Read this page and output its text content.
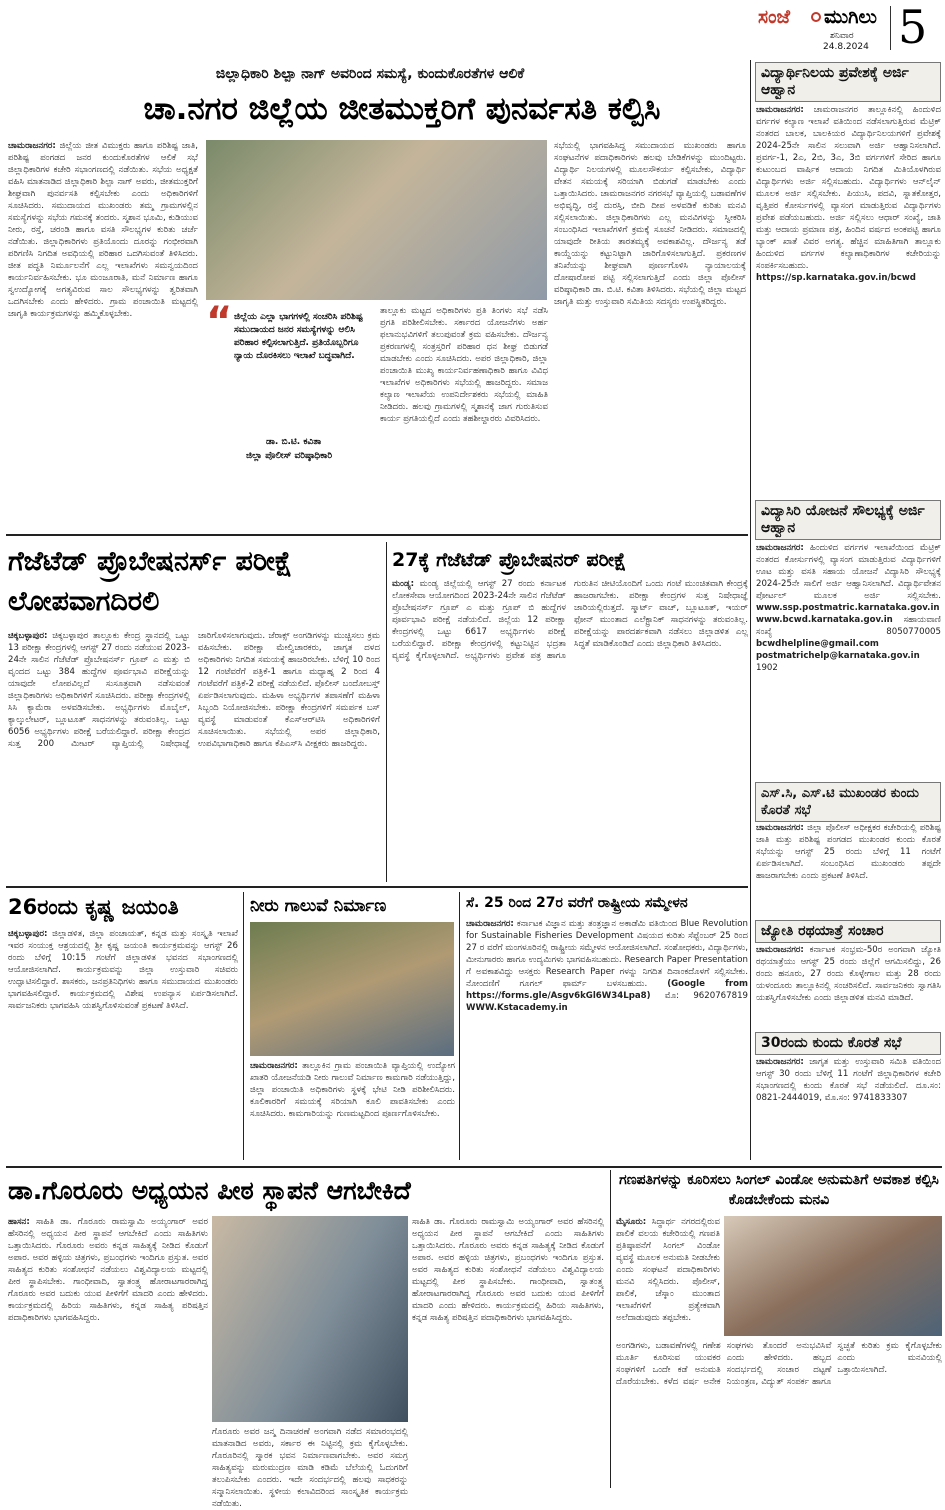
ಸಂಜೆ ಮುಗಿಲು
ಶನಿವಾರ
24.8.2024 5
ಜಿಲ್ಲಾಧಿಕಾರಿ ಶಿಲ್ಪಾ ನಾಗ್ ಅವರಿಂದ ಸಮಸ್ಯೆ, ಕುಂದುಕೊರತೆಗಳ ಆಲಿಕೆ
ಚಾ.ನಗರ ಜಿಲ್ಲೆಯ ಜೀತಮುಕ್ತರಿಗೆ ಪುನರ್ವಸತಿ ಕಲ್ಪಿಸಿ
ಚಾಮರಾಜನಗರ: ಜಿಲ್ಲೆಯ ಜೀತ ವಿಮುಕ್ತರು ಹಾಗೂ ಪರಿಶಿಷ್ಟ ಜಾತಿ, ಪರಿಶಿಷ್ಟ ಪಂಗಡದ ಜನರ ಕುಂದುಕೊರತೆಗಳ ಆಲಿಕೆ ಸಭೆ ಜಿಲ್ಲಾಧಿಕಾರಿಗಳ ಕಚೇರಿ ಸಭಾಂಗಣದಲ್ಲಿ ನಡೆಯಿತು. ಸಭೆಯ ಅಧ್ಯಕ್ಷತೆ ವಹಿಸಿ ಮಾತನಾಡಿದ ಜಿಲ್ಲಾಧಿಕಾರಿ ಶಿಲ್ಪಾ ನಾಗ್ ಅವರು, ಜೀತಮುಕ್ತರಿಗೆ ಶೀಘ್ರವಾಗಿ ಪುನರ್ವಸತಿ ಕಲ್ಪಿಸಬೇಕು ಎಂದು ಅಧಿಕಾರಿಗಳಿಗೆ ಸೂಚಿಸಿದರು. ಸಮುದಾಯದ ಮುಖಂಡರು ತಮ್ಮ ಗ್ರಾಮಗಳಲ್ಲಿನ ಸಮಸ್ಯೆಗಳನ್ನು ಸಭೆಯ ಗಮನಕ್ಕೆ ತಂದರು. ಸ್ಮಶಾನ ಭೂಮಿ, ಕುಡಿಯುವ ನೀರು, ರಸ್ತೆ, ಚರಂಡಿ ಹಾಗೂ ವಸತಿ ಸೌಲಭ್ಯಗಳ ಕುರಿತು ಚರ್ಚೆ ನಡೆಯಿತು. ಜಿಲ್ಲಾಧಿಕಾರಿಗಳು ಪ್ರತಿಯೊಂದು ದೂರನ್ನು ಗಂಭೀರವಾಗಿ ಪರಿಗಣಿಸಿ ನಿಗದಿತ ಅವಧಿಯಲ್ಲಿ ಪರಿಹಾರ ಒದಗಿಸುವಂತೆ ತಿಳಿಸಿದರು. ಜೀತ ಪದ್ಧತಿ ನಿರ್ಮೂಲನೆಗೆ ಎಲ್ಲ ಇಲಾಖೆಗಳು ಸಮನ್ವಯದಿಂದ ಕಾರ್ಯನಿರ್ವಹಿಸಬೇಕು. ಭೂ ಮಂಜೂರಾತಿ, ಮನೆ ನಿರ್ಮಾಣ ಹಾಗೂ ಸ್ವಉದ್ಯೋಗಕ್ಕೆ ಅಗತ್ಯವಿರುವ ಸಾಲ ಸೌಲಭ್ಯಗಳನ್ನು ತ್ವರಿತವಾಗಿ ಒದಗಿಸಬೇಕು ಎಂದು ಹೇಳಿದರು. ಗ್ರಾಮ ಪಂಚಾಯಿತಿ ಮಟ್ಟದಲ್ಲಿ ಜಾಗೃತಿ ಕಾರ್ಯಕ್ರಮಗಳನ್ನು ಹಮ್ಮಿಕೊಳ್ಳಬೇಕು.	“ ಜಿಲ್ಲೆಯ ಎಲ್ಲಾ ಭಾಗಗಳಲ್ಲಿ ಸಂಚರಿಸಿ ಪರಿಶಿಷ್ಟ ಸಮುದಾಯದ ಜನರ ಸಮಸ್ಯೆಗಳನ್ನು ಆಲಿಸಿ ಪರಿಹಾರ ಕಲ್ಪಿಸಲಾಗುತ್ತಿದೆ. ಪ್ರತಿಯೊಬ್ಬರಿಗೂ ನ್ಯಾಯ ದೊರಕಿಸಲು ಇಲಾಖೆ ಬದ್ಧವಾಗಿದೆ.
ಡಾ. ಬಿ.ಟಿ. ಕವಿತಾ
ಜಿಲ್ಲಾ ಪೊಲೀಸ್ ವರಿಷ್ಠಾಧಿಕಾರಿ
ತಾಲ್ಲೂಕು ಮಟ್ಟದ ಅಧಿಕಾರಿಗಳು ಪ್ರತಿ ತಿಂಗಳು ಸಭೆ ನಡೆಸಿ ಪ್ರಗತಿ ಪರಿಶೀಲಿಸಬೇಕು. ಸರ್ಕಾರದ ಯೋಜನೆಗಳು ಅರ್ಹ ಫಲಾನುಭವಿಗಳಿಗೆ ತಲುಪುವಂತೆ ಕ್ರಮ ವಹಿಸಬೇಕು. ದೌರ್ಜನ್ಯ ಪ್ರಕರಣಗಳಲ್ಲಿ ಸಂತ್ರಸ್ತರಿಗೆ ಪರಿಹಾರ ಧನ ಶೀಘ್ರ ಬಿಡುಗಡೆ ಮಾಡಬೇಕು ಎಂದು ಸೂಚಿಸಿದರು. ಅಪರ ಜಿಲ್ಲಾಧಿಕಾರಿ, ಜಿಲ್ಲಾ ಪಂಚಾಯಿತಿ ಮುಖ್ಯ ಕಾರ್ಯನಿರ್ವಹಣಾಧಿಕಾರಿ ಹಾಗೂ ವಿವಿಧ ಇಲಾಖೆಗಳ ಅಧಿಕಾರಿಗಳು ಸಭೆಯಲ್ಲಿ ಹಾಜರಿದ್ದರು. ಸಮಾಜ ಕಲ್ಯಾಣ ಇಲಾಖೆಯ ಉಪನಿರ್ದೇಶಕರು ಸಭೆಯಲ್ಲಿ ಮಾಹಿತಿ ನೀಡಿದರು. ಹಲವು ಗ್ರಾಮಗಳಲ್ಲಿ ಸ್ಮಶಾನಕ್ಕೆ ಜಾಗ ಗುರುತಿಸುವ ಕಾರ್ಯ ಪ್ರಗತಿಯಲ್ಲಿದೆ ಎಂದು ತಹಶೀಲ್ದಾರರು ವಿವರಿಸಿದರು.
ಸಭೆಯಲ್ಲಿ ಭಾಗವಹಿಸಿದ್ದ ಸಮುದಾಯದ ಮುಖಂಡರು ಹಾಗೂ ಸಂಘಟನೆಗಳ ಪದಾಧಿಕಾರಿಗಳು ಹಲವು ಬೇಡಿಕೆಗಳನ್ನು ಮುಂದಿಟ್ಟರು. ವಿದ್ಯಾರ್ಥಿ ನಿಲಯಗಳಲ್ಲಿ ಮೂಲಸೌಕರ್ಯ ಕಲ್ಪಿಸಬೇಕು, ವಿದ್ಯಾರ್ಥಿ ವೇತನ ಸಮಯಕ್ಕೆ ಸರಿಯಾಗಿ ಬಿಡುಗಡೆ ಮಾಡಬೇಕು ಎಂದು ಒತ್ತಾಯಿಸಿದರು. ಚಾಮರಾಜನಗರ ನಗರಸಭೆ ವ್ಯಾಪ್ತಿಯಲ್ಲಿ ಬಡಾವಣೆಗಳ ಅಭಿವೃದ್ಧಿ, ರಸ್ತೆ ದುರಸ್ತಿ, ಬೀದಿ ದೀಪ ಅಳವಡಿಕೆ ಕುರಿತು ಮನವಿ ಸಲ್ಲಿಸಲಾಯಿತು. ಜಿಲ್ಲಾಧಿಕಾರಿಗಳು ಎಲ್ಲ ಮನವಿಗಳನ್ನು ಸ್ವೀಕರಿಸಿ ಸಂಬಂಧಿಸಿದ ಇಲಾಖೆಗಳಿಗೆ ಕ್ರಮಕ್ಕೆ ಸೂಚನೆ ನೀಡಿದರು. ಸಮಾಜದಲ್ಲಿ ಯಾವುದೇ ರೀತಿಯ ತಾರತಮ್ಯಕ್ಕೆ ಅವಕಾಶವಿಲ್ಲ. ದೌರ್ಜನ್ಯ ತಡೆ ಕಾಯ್ದೆಯನ್ನು ಕಟ್ಟುನಿಟ್ಟಾಗಿ ಜಾರಿಗೊಳಿಸಲಾಗುತ್ತಿದೆ. ಪ್ರಕರಣಗಳ ತನಿಖೆಯನ್ನು ಶೀಘ್ರವಾಗಿ ಪೂರ್ಣಗೊಳಿಸಿ ನ್ಯಾಯಾಲಯಕ್ಕೆ ದೋಷಾರೋಪ ಪಟ್ಟಿ ಸಲ್ಲಿಸಲಾಗುತ್ತಿದೆ ಎಂದು ಜಿಲ್ಲಾ ಪೊಲೀಸ್ ವರಿಷ್ಠಾಧಿಕಾರಿ ಡಾ. ಬಿ.ಟಿ. ಕವಿತಾ ತಿಳಿಸಿದರು. ಸಭೆಯಲ್ಲಿ ಜಿಲ್ಲಾ ಮಟ್ಟದ ಜಾಗೃತಿ ಮತ್ತು ಉಸ್ತುವಾರಿ ಸಮಿತಿಯ ಸದಸ್ಯರು ಉಪಸ್ಥಿತರಿದ್ದರು.
ವಿದ್ಯಾರ್ಥಿನಿಲಯ ಪ್ರವೇಶಕ್ಕೆ ಅರ್ಜಿ ಆಹ್ವಾನ
ಚಾಮರಾಜನಗರ: ಚಾಮರಾಜನಗರ ತಾಲ್ಲೂಕಿನಲ್ಲಿ ಹಿಂದುಳಿದ ವರ್ಗಗಳ ಕಲ್ಯಾಣ ಇಲಾಖೆ ವತಿಯಿಂದ ನಡೆಸಲಾಗುತ್ತಿರುವ ಮೆಟ್ರಿಕ್ ನಂತರದ ಬಾಲಕ, ಬಾಲಕಿಯರ ವಿದ್ಯಾರ್ಥಿನಿಲಯಗಳಿಗೆ ಪ್ರವೇಶಕ್ಕೆ 2024-25ನೇ ಸಾಲಿನ ಸಲುವಾಗಿ ಅರ್ಜಿ ಆಹ್ವಾನಿಸಲಾಗಿದೆ. ಪ್ರವರ್ಗ-1, 2ಎ, 2ಬಿ, 3ಎ, 3ಬಿ ವರ್ಗಗಳಿಗೆ ಸೇರಿದ ಹಾಗೂ ಕುಟುಂಬದ ವಾರ್ಷಿಕ ಆದಾಯ ನಿಗದಿತ ಮಿತಿಯೊಳಗಿರುವ ವಿದ್ಯಾರ್ಥಿಗಳು ಅರ್ಜಿ ಸಲ್ಲಿಸಬಹುದು. ವಿದ್ಯಾರ್ಥಿಗಳು ಆನ್‌ಲೈನ್ ಮೂಲಕ ಅರ್ಜಿ ಸಲ್ಲಿಸಬೇಕು. ಪಿಯುಸಿ, ಪದವಿ, ಸ್ನಾತಕೋತ್ತರ, ವೃತ್ತಿಪರ ಕೋರ್ಸುಗಳಲ್ಲಿ ವ್ಯಾಸಂಗ ಮಾಡುತ್ತಿರುವ ವಿದ್ಯಾರ್ಥಿಗಳು ಪ್ರವೇಶ ಪಡೆಯಬಹುದು. ಅರ್ಜಿ ಸಲ್ಲಿಸಲು ಆಧಾರ್ ಸಂಖ್ಯೆ, ಜಾತಿ ಮತ್ತು ಆದಾಯ ಪ್ರಮಾಣ ಪತ್ರ, ಹಿಂದಿನ ವರ್ಷದ ಅಂಕಪಟ್ಟಿ ಹಾಗೂ ಬ್ಯಾಂಕ್ ಖಾತೆ ವಿವರ ಅಗತ್ಯ. ಹೆಚ್ಚಿನ ಮಾಹಿತಿಗಾಗಿ ತಾಲ್ಲೂಕು ಹಿಂದುಳಿದ ವರ್ಗಗಳ ಕಲ್ಯಾಣಾಧಿಕಾರಿಗಳ ಕಚೇರಿಯನ್ನು ಸಂಪರ್ಕಿಸಬಹುದು. https://sp.karnataka.gov.in/bcwd
ವಿದ್ಯಾಸಿರಿ ಯೋಜನೆ ಸೌಲಭ್ಯಕ್ಕೆ ಅರ್ಜಿ ಆಹ್ವಾನ
ಚಾಮರಾಜನಗರ: ಹಿಂದುಳಿದ ವರ್ಗಗಳ ಇಲಾಖೆಯಿಂದ ಮೆಟ್ರಿಕ್ ನಂತರದ ಕೋರ್ಸುಗಳಲ್ಲಿ ವ್ಯಾಸಂಗ ಮಾಡುತ್ತಿರುವ ವಿದ್ಯಾರ್ಥಿಗಳಿಗೆ ಊಟ ಮತ್ತು ವಸತಿ ಸಹಾಯ ಯೋಜನೆ ವಿದ್ಯಾಸಿರಿ ಸೌಲಭ್ಯಕ್ಕೆ 2024-25ನೇ ಸಾಲಿಗೆ ಅರ್ಜಿ ಆಹ್ವಾನಿಸಲಾಗಿದೆ. ವಿದ್ಯಾರ್ಥಿವೇತನ ಪೋರ್ಟಲ್ ಮೂಲಕ ಅರ್ಜಿ ಸಲ್ಲಿಸಬೇಕು. www.ssp.postmatric.karnataka.gov.in www.bcwd.karnataka.gov.in ಸಹಾಯವಾಣಿ ಸಂಖ್ಯೆ 8050770005 bcwdhelpline@gmail.com postmatrichelp@karnataka.gov.in 1902
ಎಸ್.ಸಿ, ಎಸ್.ಟಿ ಮುಖಂಡರ ಕುಂದು ಕೊರತೆ ಸಭೆ
ಚಾಮರಾಜನಗರ: ಜಿಲ್ಲಾ ಪೊಲೀಸ್ ಅಧೀಕ್ಷಕರ ಕಚೇರಿಯಲ್ಲಿ ಪರಿಶಿಷ್ಟ ಜಾತಿ ಮತ್ತು ಪರಿಶಿಷ್ಟ ಪಂಗಡದ ಮುಖಂಡರ ಕುಂದು ಕೊರತೆ ಸಭೆಯನ್ನು ಆಗಸ್ಟ್ 25 ರಂದು ಬೆಳಿಗ್ಗೆ 11 ಗಂಟೆಗೆ ಏರ್ಪಡಿಸಲಾಗಿದೆ. ಸಂಬಂಧಿಸಿದ ಮುಖಂಡರು ತಪ್ಪದೇ ಹಾಜರಾಗಬೇಕು ಎಂದು ಪ್ರಕಟಣೆ ತಿಳಿಸಿದೆ.
ಜ್ಯೋತಿ ರಥಯಾತ್ರೆ ಸಂಚಾರ
ಚಾಮರಾಜನಗರ: ಕರ್ನಾಟಕ ಸಂಭ್ರಮ-50ರ ಅಂಗವಾಗಿ ಜ್ಯೋತಿ ರಥಯಾತ್ರೆಯು ಆಗಸ್ಟ್ 25 ರಂದು ಜಿಲ್ಲೆಗೆ ಆಗಮಿಸಲಿದ್ದು, 26 ರಂದು ಹನೂರು, 27 ರಂದು ಕೊಳ್ಳೇಗಾಲ ಮತ್ತು 28 ರಂದು ಯಳಂದೂರು ತಾಲ್ಲೂಕಿನಲ್ಲಿ ಸಂಚರಿಸಲಿದೆ. ಸಾರ್ವಜನಿಕರು ಸ್ವಾಗತಿಸಿ ಯಶಸ್ವಿಗೊಳಿಸಬೇಕು ಎಂದು ಜಿಲ್ಲಾಡಳಿತ ಮನವಿ ಮಾಡಿದೆ.
30ರಂದು ಕುಂದು ಕೊರತೆ ಸಭೆ
ಚಾಮರಾಜನಗರ: ಜಾಗೃತ ಮತ್ತು ಉಸ್ತುವಾರಿ ಸಮಿತಿ ವತಿಯಿಂದ ಆಗಸ್ಟ್ 30 ರಂದು ಬೆಳಿಗ್ಗೆ 11 ಗಂಟೆಗೆ ಜಿಲ್ಲಾಧಿಕಾರಿಗಳ ಕಚೇರಿ ಸಭಾಂಗಣದಲ್ಲಿ ಕುಂದು ಕೊರತೆ ಸಭೆ ನಡೆಯಲಿದೆ. ದೂ.ಸಂ: 0821-2444019, ಮೊ.ಸಂ: 9741833307
ಗೆಜೆಟೆಡ್ ಪ್ರೊಬೇಷನರ್ಸ್ ಪರೀಕ್ಷೆ ಲೋಪವಾಗದಿರಲಿ
ಚಿಕ್ಕಬಳ್ಳಾಪುರ: ಚಿಕ್ಕಬಳ್ಳಾಪುರ ತಾಲ್ಲೂಕು ಕೇಂದ್ರ ಸ್ಥಾನದಲ್ಲಿ ಒಟ್ಟು 13 ಪರೀಕ್ಷಾ ಕೇಂದ್ರಗಳಲ್ಲಿ ಆಗಸ್ಟ್ 27 ರಂದು ನಡೆಯುವ 2023-24ನೇ ಸಾಲಿನ ಗೆಜೆಟೆಡ್ ಪ್ರೊಬೇಷನರ್ಸ್ ಗ್ರೂಪ್ ಎ ಮತ್ತು ಬಿ ವೃಂದದ ಒಟ್ಟು 384 ಹುದ್ದೆಗಳ ಪೂರ್ವಭಾವಿ ಪರೀಕ್ಷೆಯನ್ನು ಯಾವುದೇ ಲೋಪವಿಲ್ಲದೆ ಸುಸೂತ್ರವಾಗಿ ನಡೆಸುವಂತೆ ಜಿಲ್ಲಾಧಿಕಾರಿಗಳು ಅಧಿಕಾರಿಗಳಿಗೆ ಸೂಚಿಸಿದರು. ಪರೀಕ್ಷಾ ಕೇಂದ್ರಗಳಲ್ಲಿ ಸಿಸಿ ಕ್ಯಾಮೆರಾ ಅಳವಡಿಸಬೇಕು. ಅಭ್ಯರ್ಥಿಗಳು ಮೊಬೈಲ್, ಕ್ಯಾಲ್ಕುಲೇಟರ್, ಬ್ಲೂಟೂತ್ ಸಾಧನಗಳನ್ನು ತರುವಂತಿಲ್ಲ. ಒಟ್ಟು 6056 ಅಭ್ಯರ್ಥಿಗಳು ಪರೀಕ್ಷೆ ಬರೆಯಲಿದ್ದಾರೆ. ಪರೀಕ್ಷಾ ಕೇಂದ್ರದ ಸುತ್ತ 200 ಮೀಟರ್ ವ್ಯಾಪ್ತಿಯಲ್ಲಿ ನಿಷೇಧಾಜ್ಞೆ ಜಾರಿಗೊಳಿಸಲಾಗುವುದು. ಜೆರಾಕ್ಸ್ ಅಂಗಡಿಗಳನ್ನು ಮುಚ್ಚಿಸಲು ಕ್ರಮ ವಹಿಸಬೇಕು. ಪರೀಕ್ಷಾ ಮೇಲ್ವಿಚಾರಕರು, ಜಾಗೃತ ದಳದ ಅಧಿಕಾರಿಗಳು ನಿಗದಿತ ಸಮಯಕ್ಕೆ ಹಾಜರಿರಬೇಕು. ಬೆಳಿಗ್ಗೆ 10 ರಿಂದ 12 ಗಂಟೆವರೆಗೆ ಪತ್ರಿಕೆ-1 ಹಾಗೂ ಮಧ್ಯಾಹ್ನ 2 ರಿಂದ 4 ಗಂಟೆವರೆಗೆ ಪತ್ರಿಕೆ-2 ಪರೀಕ್ಷೆ ನಡೆಯಲಿದೆ. ಪೊಲೀಸ್ ಬಂದೋಬಸ್ತ್ ಏರ್ಪಡಿಸಲಾಗುವುದು. ಮಹಿಳಾ ಅಭ್ಯರ್ಥಿಗಳ ತಪಾಸಣೆಗೆ ಮಹಿಳಾ ಸಿಬ್ಬಂದಿ ನಿಯೋಜಿಸಬೇಕು. ಪರೀಕ್ಷಾ ಕೇಂದ್ರಗಳಿಗೆ ಸಮರ್ಪಕ ಬಸ್ ವ್ಯವಸ್ಥೆ ಮಾಡುವಂತೆ ಕೆಎಸ್‌ಆರ್‌ಟಿಸಿ ಅಧಿಕಾರಿಗಳಿಗೆ ಸೂಚಿಸಲಾಯಿತು. ಸಭೆಯಲ್ಲಿ ಅಪರ ಜಿಲ್ಲಾಧಿಕಾರಿ, ಉಪವಿಭಾಗಾಧಿಕಾರಿ ಹಾಗೂ ಕೆಪಿಎಸ್‌ಸಿ ವೀಕ್ಷಕರು ಹಾಜರಿದ್ದರು.
27ಕ್ಕೆ ಗೆಜೆಟೆಡ್ ಪ್ರೊಬೇಷನರ್ ಪರೀಕ್ಷೆ
ಮಂಡ್ಯ: ಮಂಡ್ಯ ಜಿಲ್ಲೆಯಲ್ಲಿ ಆಗಸ್ಟ್ 27 ರಂದು ಕರ್ನಾಟಕ ಲೋಕಸೇವಾ ಆಯೋಗದಿಂದ 2023-24ನೇ ಸಾಲಿನ ಗೆಜೆಟೆಡ್ ಪ್ರೊಬೇಷನರ್ಸ್ ಗ್ರೂಪ್ ಎ ಮತ್ತು ಗ್ರೂಪ್ ಬಿ ಹುದ್ದೆಗಳ ಪೂರ್ವಭಾವಿ ಪರೀಕ್ಷೆ ನಡೆಯಲಿದೆ. ಜಿಲ್ಲೆಯ 12 ಪರೀಕ್ಷಾ ಕೇಂದ್ರಗಳಲ್ಲಿ ಒಟ್ಟು 6617 ಅಭ್ಯರ್ಥಿಗಳು ಪರೀಕ್ಷೆ ಬರೆಯಲಿದ್ದಾರೆ. ಪರೀಕ್ಷಾ ಕೇಂದ್ರಗಳಲ್ಲಿ ಕಟ್ಟುನಿಟ್ಟಿನ ಭದ್ರತಾ ವ್ಯವಸ್ಥೆ ಕೈಗೊಳ್ಳಲಾಗಿದೆ. ಅಭ್ಯರ್ಥಿಗಳು ಪ್ರವೇಶ ಪತ್ರ ಹಾಗೂ ಗುರುತಿನ ಚೀಟಿಯೊಂದಿಗೆ ಒಂದು ಗಂಟೆ ಮುಂಚಿತವಾಗಿ ಕೇಂದ್ರಕ್ಕೆ ಹಾಜರಾಗಬೇಕು. ಪರೀಕ್ಷಾ ಕೇಂದ್ರಗಳ ಸುತ್ತ ನಿಷೇಧಾಜ್ಞೆ ಜಾರಿಯಲ್ಲಿರುತ್ತದೆ. ಸ್ಮಾರ್ಟ್ ವಾಚ್, ಬ್ಲೂಟೂತ್, ಇಯರ್ ಫೋನ್ ಮುಂತಾದ ಎಲೆಕ್ಟ್ರಾನಿಕ್ ಸಾಧನಗಳನ್ನು ತರುವಂತಿಲ್ಲ. ಪರೀಕ್ಷೆಯನ್ನು ಪಾರದರ್ಶಕವಾಗಿ ನಡೆಸಲು ಜಿಲ್ಲಾಡಳಿತ ಎಲ್ಲ ಸಿದ್ಧತೆ ಮಾಡಿಕೊಂಡಿದೆ ಎಂದು ಜಿಲ್ಲಾಧಿಕಾರಿ ತಿಳಿಸಿದರು.
26ರಂದು ಕೃಷ್ಣ ಜಯಂತಿ
ಚಿಕ್ಕಬಳ್ಳಾಪುರ: ಜಿಲ್ಲಾಡಳಿತ, ಜಿಲ್ಲಾ ಪಂಚಾಯತ್, ಕನ್ನಡ ಮತ್ತು ಸಂಸ್ಕೃತಿ ಇಲಾಖೆ ಇವರ ಸಂಯುಕ್ತ ಆಶ್ರಯದಲ್ಲಿ ಶ್ರೀ ಕೃಷ್ಣ ಜಯಂತಿ ಕಾರ್ಯಕ್ರಮವನ್ನು ಆಗಸ್ಟ್ 26 ರಂದು ಬೆಳಿಗ್ಗೆ 10:15 ಗಂಟೆಗೆ ಜಿಲ್ಲಾಡಳಿತ ಭವನದ ಸಭಾಂಗಣದಲ್ಲಿ ಆಯೋಜಿಸಲಾಗಿದೆ. ಕಾರ್ಯಕ್ರಮವನ್ನು ಜಿಲ್ಲಾ ಉಸ್ತುವಾರಿ ಸಚಿವರು ಉದ್ಘಾಟಿಸಲಿದ್ದಾರೆ. ಶಾಸಕರು, ಜನಪ್ರತಿನಿಧಿಗಳು ಹಾಗೂ ಸಮುದಾಯದ ಮುಖಂಡರು ಭಾಗವಹಿಸಲಿದ್ದಾರೆ. ಕಾರ್ಯಕ್ರಮದಲ್ಲಿ ವಿಶೇಷ ಉಪನ್ಯಾಸ ಏರ್ಪಡಿಸಲಾಗಿದೆ. ಸಾರ್ವಜನಿಕರು ಭಾಗವಹಿಸಿ ಯಶಸ್ವಿಗೊಳಿಸುವಂತೆ ಪ್ರಕಟಣೆ ತಿಳಿಸಿದೆ.
ನೀರು ಗಾಲುವೆ ನಿರ್ಮಾಣ
ಚಾಮರಾಜನಗರ: ತಾಲ್ಲೂಕಿನ ಗ್ರಾಮ ಪಂಚಾಯಿತಿ ವ್ಯಾಪ್ತಿಯಲ್ಲಿ ಉದ್ಯೋಗ ಖಾತರಿ ಯೋಜನೆಯಡಿ ನೀರು ಗಾಲುವೆ ನಿರ್ಮಾಣ ಕಾಮಗಾರಿ ನಡೆಯುತ್ತಿದ್ದು, ಜಿಲ್ಲಾ ಪಂಚಾಯಿತಿ ಅಧಿಕಾರಿಗಳು ಸ್ಥಳಕ್ಕೆ ಭೇಟಿ ನೀಡಿ ಪರಿಶೀಲಿಸಿದರು. ಕೂಲಿಕಾರರಿಗೆ ಸಮಯಕ್ಕೆ ಸರಿಯಾಗಿ ಕೂಲಿ ಪಾವತಿಸಬೇಕು ಎಂದು ಸೂಚಿಸಿದರು. ಕಾಮಗಾರಿಯನ್ನು ಗುಣಮಟ್ಟದಿಂದ ಪೂರ್ಣಗೊಳಿಸಬೇಕು.
ಸೆ. 25 ರಿಂದ 27ರ ವರೆಗೆ ರಾಷ್ಟ್ರೀಯ ಸಮ್ಮೇಳನ
ಚಾಮರಾಜನಗರ: ಕರ್ನಾಟಕ ವಿಜ್ಞಾನ ಮತ್ತು ತಂತ್ರಜ್ಞಾನ ಅಕಾಡೆಮಿ ವತಿಯಿಂದ Blue Revolution for Sustainable Fisheries Development ವಿಷಯದ ಕುರಿತು ಸೆಪ್ಟೆಂಬರ್ 25 ರಿಂದ 27 ರ ವರೆಗೆ ಮಂಗಳೂರಿನಲ್ಲಿ ರಾಷ್ಟ್ರೀಯ ಸಮ್ಮೇಳನ ಆಯೋಜಿಸಲಾಗಿದೆ. ಸಂಶೋಧಕರು, ವಿದ್ಯಾರ್ಥಿಗಳು, ಮೀನುಗಾರರು ಹಾಗೂ ಉದ್ಯಮಿಗಳು ಭಾಗವಹಿಸಬಹುದು. Research Paper Presentation ಗೆ ಅವಕಾಶವಿದ್ದು ಆಸಕ್ತರು Research Paper ಗಳನ್ನು ನಿಗದಿತ ದಿನಾಂಕದೊಳಗೆ ಸಲ್ಲಿಸಬೇಕು. ನೋಂದಣಿಗೆ ಗೂಗಲ್ ಫಾರ್ಮ್ ಬಳಸಬಹುದು. (Google from https://forms.gle/Asgv6kGl6W34Lpa8) ಮೊ: 9620767819 WWW.Kstacademy.in
ಡಾ.ಗೊರೂರು ಅಧ್ಯಯನ ಪೀಠ ಸ್ಥಾಪನೆ ಆಗಬೇಕಿದೆ
ಹಾಸನ: ಸಾಹಿತಿ ಡಾ. ಗೊರೂರು ರಾಮಸ್ವಾಮಿ ಅಯ್ಯಂಗಾರ್ ಅವರ ಹೆಸರಿನಲ್ಲಿ ಅಧ್ಯಯನ ಪೀಠ ಸ್ಥಾಪನೆ ಆಗಬೇಕಿದೆ ಎಂದು ಸಾಹಿತಿಗಳು ಒತ್ತಾಯಿಸಿದರು. ಗೊರೂರು ಅವರು ಕನ್ನಡ ಸಾಹಿತ್ಯಕ್ಕೆ ನೀಡಿದ ಕೊಡುಗೆ ಅಪಾರ. ಅವರ ಹಳ್ಳಿಯ ಚಿತ್ರಗಳು, ಪ್ರಬಂಧಗಳು ಇಂದಿಗೂ ಪ್ರಸ್ತುತ. ಅವರ ಸಾಹಿತ್ಯದ ಕುರಿತು ಸಂಶೋಧನೆ ನಡೆಯಲು ವಿಶ್ವವಿದ್ಯಾಲಯ ಮಟ್ಟದಲ್ಲಿ ಪೀಠ ಸ್ಥಾಪಿಸಬೇಕು. ಗಾಂಧೀವಾದಿ, ಸ್ವಾತಂತ್ರ್ಯ ಹೋರಾಟಗಾರರಾಗಿದ್ದ ಗೊರೂರು ಅವರ ಬದುಕು ಯುವ ಪೀಳಿಗೆಗೆ ಮಾದರಿ ಎಂದು ಹೇಳಿದರು. ಕಾರ್ಯಕ್ರಮದಲ್ಲಿ ಹಿರಿಯ ಸಾಹಿತಿಗಳು, ಕನ್ನಡ ಸಾಹಿತ್ಯ ಪರಿಷತ್ತಿನ ಪದಾಧಿಕಾರಿಗಳು ಭಾಗವಹಿಸಿದ್ದರು.
ಗೊರೂರು ಅವರ ಜನ್ಮ ದಿನಾಚರಣೆ ಅಂಗವಾಗಿ ನಡೆದ ಸಮಾರಂಭದಲ್ಲಿ ಮಾತನಾಡಿದ ಅವರು, ಸರ್ಕಾರ ಈ ನಿಟ್ಟಿನಲ್ಲಿ ಕ್ರಮ ಕೈಗೊಳ್ಳಬೇಕು. ಗೊರೂರಿನಲ್ಲಿ ಸ್ಮಾರಕ ಭವನ ನಿರ್ಮಾಣವಾಗಬೇಕು. ಅವರ ಸಮಗ್ರ ಸಾಹಿತ್ಯವನ್ನು ಮರುಮುದ್ರಣ ಮಾಡಿ ಕಡಿಮೆ ಬೆಲೆಯಲ್ಲಿ ಓದುಗರಿಗೆ ತಲುಪಿಸಬೇಕು ಎಂದರು. ಇದೇ ಸಂದರ್ಭದಲ್ಲಿ ಹಲವು ಸಾಧಕರನ್ನು ಸನ್ಮಾನಿಸಲಾಯಿತು. ಸ್ಥಳೀಯ ಕಲಾವಿದರಿಂದ ಸಾಂಸ್ಕೃತಿಕ ಕಾರ್ಯಕ್ರಮ ನಡೆಯಿತು.
ಸಾಹಿತಿ ಡಾ. ಗೊರೂರು ರಾಮಸ್ವಾಮಿ ಅಯ್ಯಂಗಾರ್ ಅವರ ಹೆಸರಿನಲ್ಲಿ ಅಧ್ಯಯನ ಪೀಠ ಸ್ಥಾಪನೆ ಆಗಬೇಕಿದೆ ಎಂದು ಸಾಹಿತಿಗಳು ಒತ್ತಾಯಿಸಿದರು. ಗೊರೂರು ಅವರು ಕನ್ನಡ ಸಾಹಿತ್ಯಕ್ಕೆ ನೀಡಿದ ಕೊಡುಗೆ ಅಪಾರ. ಅವರ ಹಳ್ಳಿಯ ಚಿತ್ರಗಳು, ಪ್ರಬಂಧಗಳು ಇಂದಿಗೂ ಪ್ರಸ್ತುತ. ಅವರ ಸಾಹಿತ್ಯದ ಕುರಿತು ಸಂಶೋಧನೆ ನಡೆಯಲು ವಿಶ್ವವಿದ್ಯಾಲಯ ಮಟ್ಟದಲ್ಲಿ ಪೀಠ ಸ್ಥಾಪಿಸಬೇಕು. ಗಾಂಧೀವಾದಿ, ಸ್ವಾತಂತ್ರ್ಯ ಹೋರಾಟಗಾರರಾಗಿದ್ದ ಗೊರೂರು ಅವರ ಬದುಕು ಯುವ ಪೀಳಿಗೆಗೆ ಮಾದರಿ ಎಂದು ಹೇಳಿದರು. ಕಾರ್ಯಕ್ರಮದಲ್ಲಿ ಹಿರಿಯ ಸಾಹಿತಿಗಳು, ಕನ್ನಡ ಸಾಹಿತ್ಯ ಪರಿಷತ್ತಿನ ಪದಾಧಿಕಾರಿಗಳು ಭಾಗವಹಿಸಿದ್ದರು.
ಗಣಪತಿಗಳನ್ನು ಕೂರಿಸಲು ಸಿಂಗಲ್ ವಿಂಡೋ ಅನುಮತಿಗೆ ಅವಕಾಶ ಕಲ್ಪಿಸಿ ಕೊಡಬೇಕೆಂದು ಮನವಿ
ಮೈಸೂರು: ಸಿದ್ಧಾರ್ಥ ನಗರದಲ್ಲಿರುವ ಪಾಲಿಕೆ ವಲಯ ಕಚೇರಿಯಲ್ಲಿ ಗಣಪತಿ ಪ್ರತಿಷ್ಠಾಪನೆಗೆ ಸಿಂಗಲ್ ವಿಂಡೋ ವ್ಯವಸ್ಥೆ ಮೂಲಕ ಅನುಮತಿ ನೀಡಬೇಕು ಎಂದು ಸಂಘಟನೆ ಪದಾಧಿಕಾರಿಗಳು ಮನವಿ ಸಲ್ಲಿಸಿದರು. ಪೊಲೀಸ್, ಪಾಲಿಕೆ, ಚೆಸ್ಕಾಂ ಮುಂತಾದ ಇಲಾಖೆಗಳಿಗೆ ಪ್ರತ್ಯೇಕವಾಗಿ ಅಲೆದಾಡುವುದು ತಪ್ಪಬೇಕು.
ಅಂಗಡಿಗಳು, ಬಡಾವಣೆಗಳಲ್ಲಿ ಗಣೇಶ ಮೂರ್ತಿ ಕೂರಿಸುವ ಯುವಕರ ಸಂಘಗಳಿಗೆ ಒಂದೇ ಕಡೆ ಅನುಮತಿ ದೊರೆಯಬೇಕು. ಕಳೆದ ವರ್ಷ ಅನೇಕ ಸಂಘಗಳು ತೊಂದರೆ ಅನುಭವಿಸಿವೆ ಎಂದು ಹೇಳಿದರು. ಹಬ್ಬದ ಸಂದರ್ಭದಲ್ಲಿ ಸಂಚಾರ ದಟ್ಟಣೆ ನಿಯಂತ್ರಣ, ವಿದ್ಯುತ್ ಸಂಪರ್ಕ ಹಾಗೂ ಸ್ವಚ್ಛತೆ ಕುರಿತು ಕ್ರಮ ಕೈಗೊಳ್ಳಬೇಕು ಎಂದು ಮನವಿಯಲ್ಲಿ ಒತ್ತಾಯಿಸಲಾಗಿದೆ.
